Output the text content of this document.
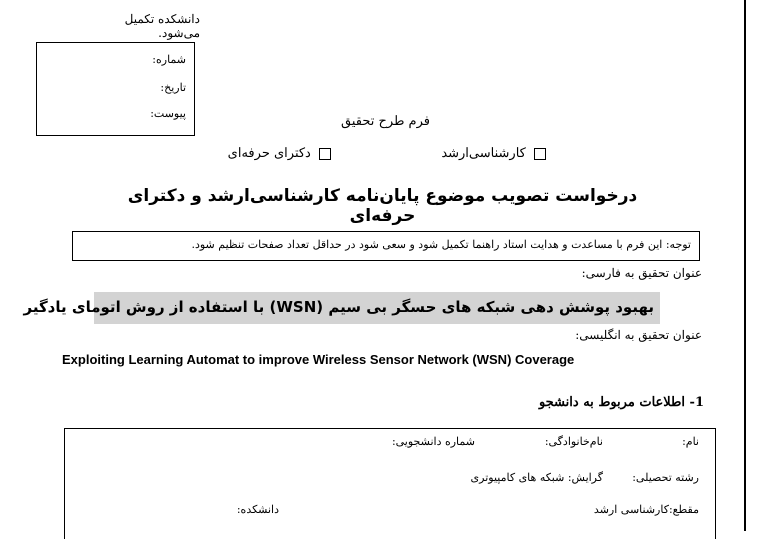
دانشکده تکمیل می‌شود.
شماره:
تاریخ:
پیوست:
فرم طرح تحقیق
کارشناسی‌ارشد
دکترای حرفه‌ای
درخواست تصویب موضوع پایان‌نامه کارشناسی‌ارشد و دکترای حرفه‌ای
توجه: این فرم با مساعدت و هدایت استاد راهنما تکمیل شود و سعی شود در حداقل تعداد صفحات تنظیم شود.
عنوان تحقیق به فارسی:
بهبود پوشش دهی شبکه های حسگر بی سیم (WSN) با استفاده از روش اتومای یادگیر
عنوان تحقیق به انگلیسی:
Exploiting Learning Automat to improve Wireless Sensor Network (WSN) Coverage
1- اطلاعات مربوط به دانشجو
نام:
نام‌خانوادگی:
شماره دانشجویی:
رشته تحصیلی:
گرایش: شبکه های کامپیوتری
مقطع:کارشناسی ارشد
دانشکده:
